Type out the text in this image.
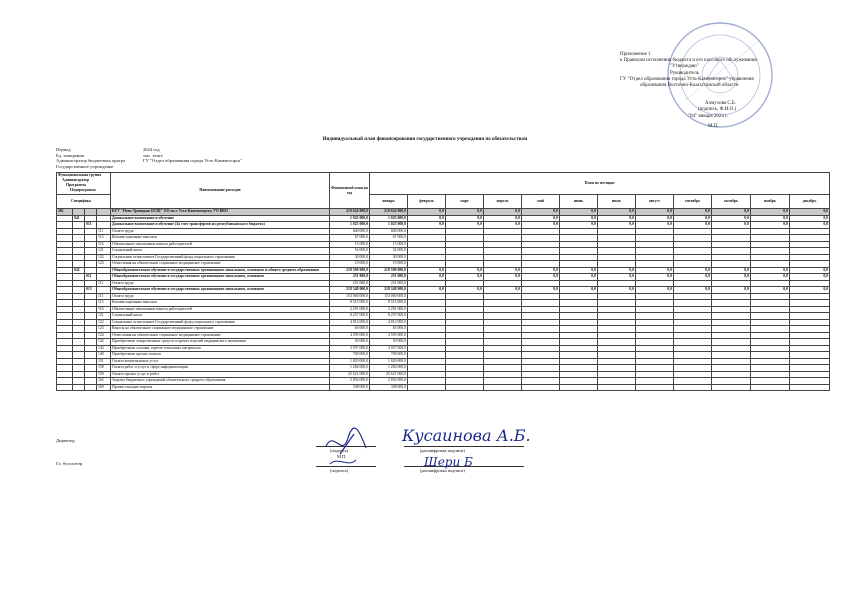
Приложение 1
к Правилам исполнения бюджета и его кассового обслуживания
"Утверждаю"
Руководитель
ГУ "Отдел образования города Усть-Каменогорск" управления
образования Восточно-Казахстанской области
Алмухова С.Б.
(подпись, Ф.И.О.)
"04" января 2024 г.
М.П.
Индивидуальный план финансирования государственного учреждения по обязательствам
Период	2024 год
Ед. измерения	тыс. тенге
Администратор бюджетных програ	ГУ "Отдел образования города Усть-Каменогорск"
Государственное учреждение
Функциональная группа
Администратор
Программа
Подпрограмма				Наименование расходов	Финансовый план на год	План по месяцам											
Специфика						январь	февраль	март	апрель	май	июнь	июль	август	сентябрь	октябрь	ноябрь	декабрь
261				КГУ "Нево-Троицкая ОСШ" ОО по г. Усть-Каменогорску УО ВКО	219 624 000,0	219 624 000,0	0,0	0,0	0,0	0,0	0,0	0,0	0,0	0,0	0,0	0,0	0,0
	041			Дошкольное воспитание и обучение	1 025 000,0	1 025 000,0	0,0	0,0	0,0	0,0	0,0	0,0	0,0	0,0	0,0	0,0	0,0
		011		Дошкольное воспитание и обучение (За счет трансфертов из республиканского бюджета)	1 025 000,0	1 025 000,0	0,0	0,0	0,0	0,0	0,0	0,0	0,0	0,0	0,0	0,0	0,0
			111	Оплата труда	840 000,0	840 000,0											
			113	Компенсационные выплаты	67 000,0	67 000,0											
			116	Обязательные пенсионные взносы работодателей	15 000,0	15 000,0											
			121	Социальный налог	54 000,0	54 000,0											
			122	Социальные отчисления в Государственный фонд социального страхования	30 000,0	30 000,0											
			124	Отчисления на обязательное социальное медицинское страхование	19 000,0	19 000,0											
	042			Общеобразовательное обучение в государственных организациях начального, основного и общего среднего образования	218 599 000,0	218 599 000,0	0,0	0,0	0,0	0,0	0,0	0,0	0,0	0,0	0,0	0,0	0,0
		011		Общеобразовательное обучение в государственных организациях начального, основного	251 000,0	251 000,0	0,0	0,0	0,0	0,0	0,0	0,0	0,0	0,0	0,0	0,0	0,0
			111	Оплата труда	251 000,0	251 000,0											
		015		Общеобразовательное обучение в государственных организациях начального, основного	218 348 000,0	218 348 000,0	0,0	0,0	0,0	0,0	0,0	0,0	0,0	0,0	0,0	0,0	0,0
			111	Оплата труда	153 060 000,0	153 060 000,0											
			113	Компенсационные выплаты	8 515 000,0	8 515 000,0											
			116	Обязательные пенсионные взносы работодателей	2 291 000,0	2 291 000,0											
			121	Социальный налог	8 257 000,0	8 257 000,0											
			122	Социальные отчисления в Государственный фонд социального страхования	4 812 000,0	4 812 000,0											
			123	Взносы на обязательное социальное медицинское страхование	65 000,0	65 000,0											
			124	Отчисления на обязательное социальное медицинское страхование	4 595 000,0	4 595 000,0											
			142	Приобретение лекарственных средств и прочих изделий медицинского назначения	50 000,0	50 000,0											
			144	Приобретение топлива, горюче-смазочных материалов	3 957 000,0	3 957 000,0											
			149	Приобретение прочих запасов	700 000,0	700 000,0											
			151	Оплата коммунальных услуг	1 820 000,0	1 820 000,0											
			158	Оплата работ и услуг в сфере информатизации	1 284 000,0	1 284 000,0											
			159	Оплата прочих услуг и работ	25 621 000,0	25 621 000,0											
			165	Затраты бюджетных учреждений обязательного среднего образования	2 854 000,0	2 854 000,0											
			169	Прочие текущие затраты	338 000,0	338 000,0											
Директор
Гл. бухгалтер
(подпись)
М.П.
(расшифровка подписи)
(подпись)	(расшифровка подписи)
Кусаинова А.Б.
Шери Б
